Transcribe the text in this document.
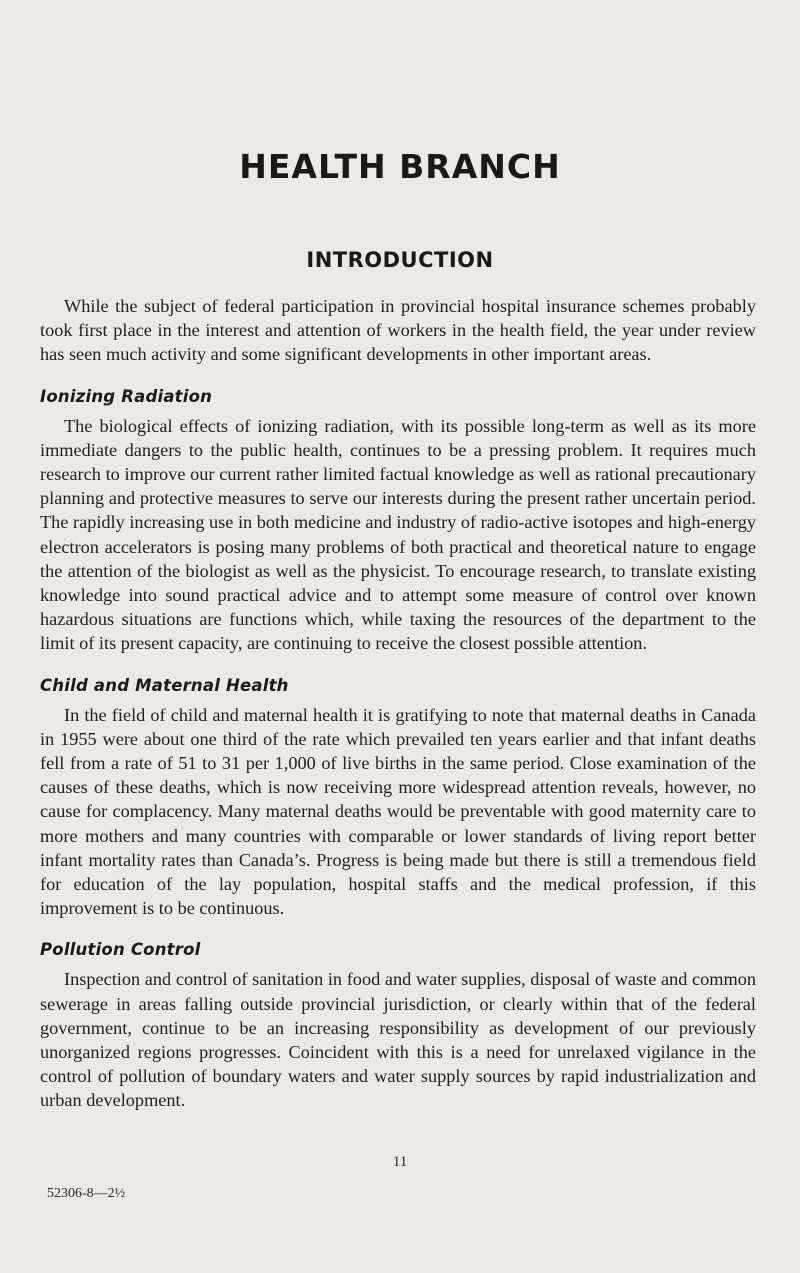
HEALTH BRANCH
INTRODUCTION

While the subject of federal participation in provincial hospital insurance schemes probably took first place in the interest and attention of workers in the health field, the year under review has seen much activity and some significant developments in other important areas.

Ionizing Radiation

The biological effects of ionizing radiation, with its possible long-term as well as its more immediate dangers to the public health, continues to be a pressing problem. It requires much research to improve our current rather limited factual knowledge as well as rational precautionary planning and protective measures to serve our interests during the present rather uncertain period. The rapidly increasing use in both medicine and industry of radio-active isotopes and high-energy electron accelerators is posing many problems of both practical and theoretical nature to engage the attention of the biologist as well as the physicist. To encourage research, to translate existing knowledge into sound practical advice and to attempt some measure of control over known hazardous situations are functions which, while taxing the resources of the department to the limit of its present capacity, are continuing to receive the closest possible attention.

Child and Maternal Health

In the field of child and maternal health it is gratifying to note that maternal deaths in Canada in 1955 were about one third of the rate which prevailed ten years earlier and that infant deaths fell from a rate of 51 to 31 per 1,000 of live births in the same period. Close examination of the causes of these deaths, which is now receiving more widespread attention reveals, however, no cause for complacency. Many maternal deaths would be preventable with good maternity care to more mothers and many countries with comparable or lower standards of living report better infant mortality rates than Canada’s. Progress is being made but there is still a tremendous field for education of the lay population, hospital staffs and the medical profession, if this improvement is to be continuous.

Pollution Control

Inspection and control of sanitation in food and water supplies, disposal of waste and common sewerage in areas falling outside provincial jurisdiction, or clearly within that of the federal government, continue to be an increasing responsibility as development of our previously unorganized regions progresses. Coincident with this is a need for unrelaxed vigilance in the control of pollution of boundary waters and water supply sources by rapid industrialization and urban development.

11
52306-8—2½
